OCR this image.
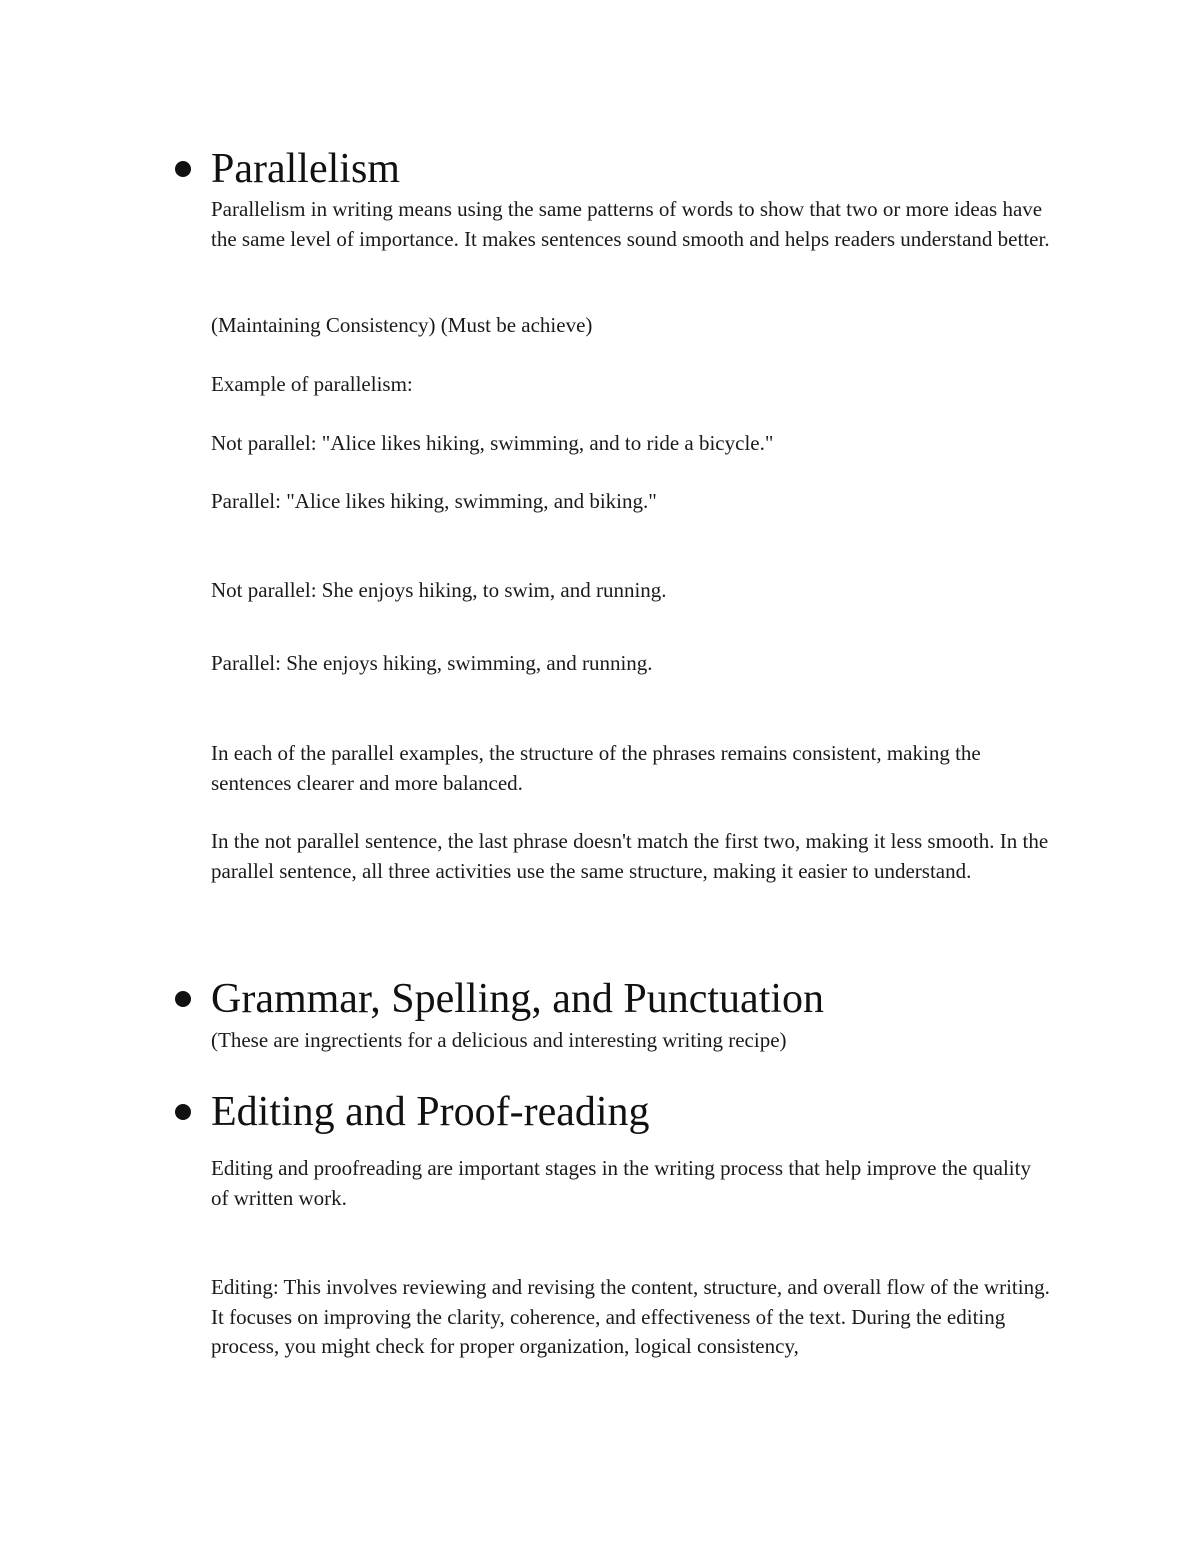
Parallelism

Parallelism in writing means using the same patterns of words to show that two or more ideas have the same level of importance. It makes sentences sound smooth and helps readers understand better.

(Maintaining Consistency) (Must be achieve)

Example of parallelism:

Not parallel: "Alice likes hiking, swimming, and to ride a bicycle."

Parallel: "Alice likes hiking, swimming, and biking."

Not parallel: She enjoys hiking, to swim, and running.

Parallel: She enjoys hiking, swimming, and running.

In each of the parallel examples, the structure of the phrases remains consistent, making the sentences clearer and more balanced.

In the not parallel sentence, the last phrase doesn't match the first two, making it less smooth. In the parallel sentence, all three activities use the same structure, making it easier to understand.

Grammar, Spelling, and Punctuation

(These are ingrectients for a delicious and interesting writing recipe)

Editing and Proof-reading

Editing and proofreading are important stages in the writing process that help improve the quality of written work.

Editing: This involves reviewing and revising the content, structure, and overall flow of the writing. It focuses on improving the clarity, coherence, and effectiveness of the text. During the editing process, you might check for proper organization, logical consistency,
